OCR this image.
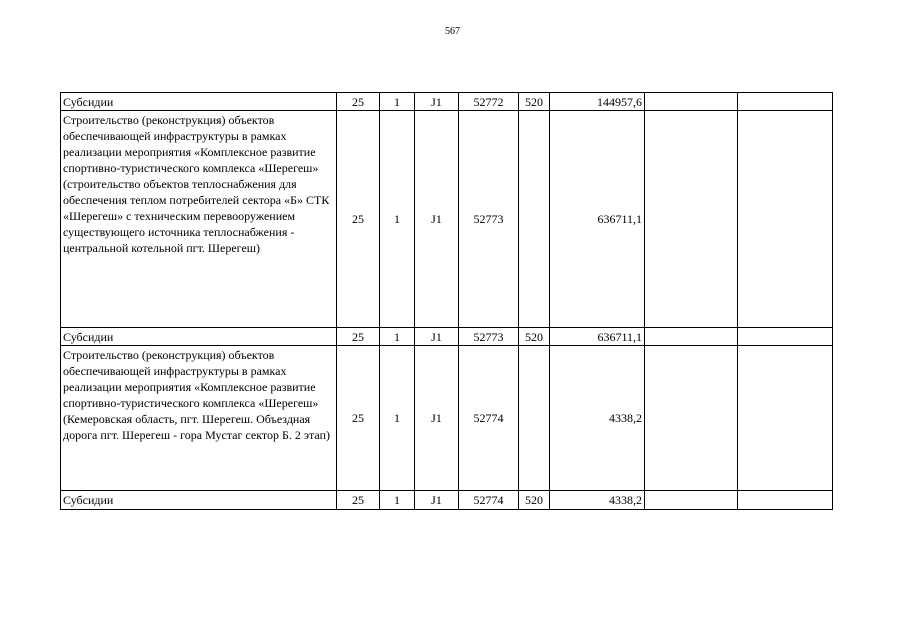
567
Субсидии	25	1	J1	52772	520	144957,6		
Строительство (реконструкция) объектов обеспечивающей инфраструктуры в рамках реализации мероприятия «Комплексное развитие спортивно-туристического комплекса «Шерегеш» (строительство объектов теплоснабжения для обеспечения теплом потребителей сектора «Б» СТК «Шерегеш» с техническим перевооружением существующего источника теплоснабжения - центральной котельной пгт. Шерегеш)	25	1	J1	52773		636711,1		
Субсидии	25	1	J1	52773	520	636711,1		
Строительство (реконструкция) объектов обеспечивающей инфраструктуры в рамках реализации мероприятия «Комплексное развитие спортивно-туристического комплекса «Шерегеш» (Кемеровская область, пгт. Шерегеш. Объездная дорога пгт. Шерегеш - гора Мустаг сектор Б. 2 этап)	25	1	J1	52774		4338,2		
Субсидии	25	1	J1	52774	520	4338,2		
